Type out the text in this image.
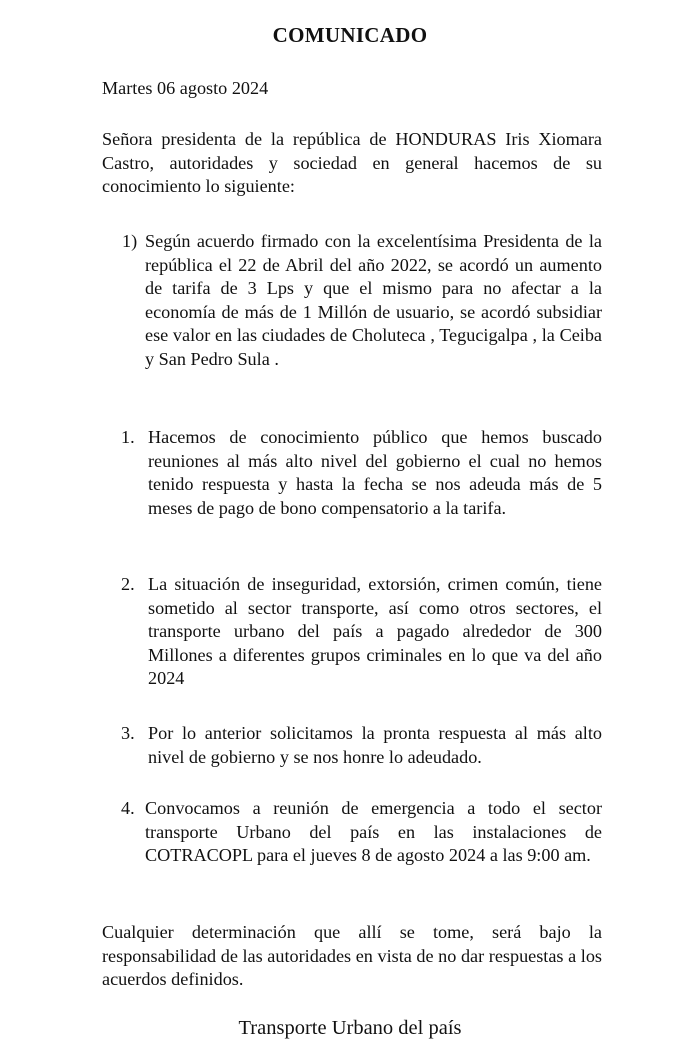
COMUNICADO

Martes 06 agosto 2024

Señora presidenta de la república de HONDURAS Iris Xiomara Castro, autoridades y sociedad en general hacemos de su conocimiento lo siguiente:

1) Según acuerdo firmado con la excelentísima Presidenta de la república el 22 de Abril del año 2022, se acordó un aumento de tarifa de 3 Lps y que el mismo para no afectar a la economía de más de 1 Millón de usuario, se acordó subsidiar ese valor en las ciudades de Choluteca , Tegucigalpa , la Ceiba y San Pedro Sula .
1. Hacemos de conocimiento público que hemos buscado reuniones al más alto nivel del gobierno el cual no hemos tenido respuesta y hasta la fecha se nos adeuda más de 5 meses de pago de bono compensatorio a la tarifa.
2. La situación de inseguridad, extorsión, crimen común, tiene sometido al sector transporte, así como otros sectores, el transporte urbano del país a pagado alrededor de 300 Millones a diferentes grupos criminales en lo que va del año 2024
3. Por lo anterior solicitamos la pronta respuesta al más alto nivel de gobierno y se nos honre lo adeudado.
4. Convocamos a reunión de emergencia a todo el sector transporte Urbano del país en las instalaciones de COTRACOPL para el jueves 8 de agosto 2024 a las 9:00 am.

Cualquier determinación que allí se tome, será bajo la responsabilidad de las autoridades en vista de no dar respuestas a los acuerdos definidos.

Transporte Urbano del país
